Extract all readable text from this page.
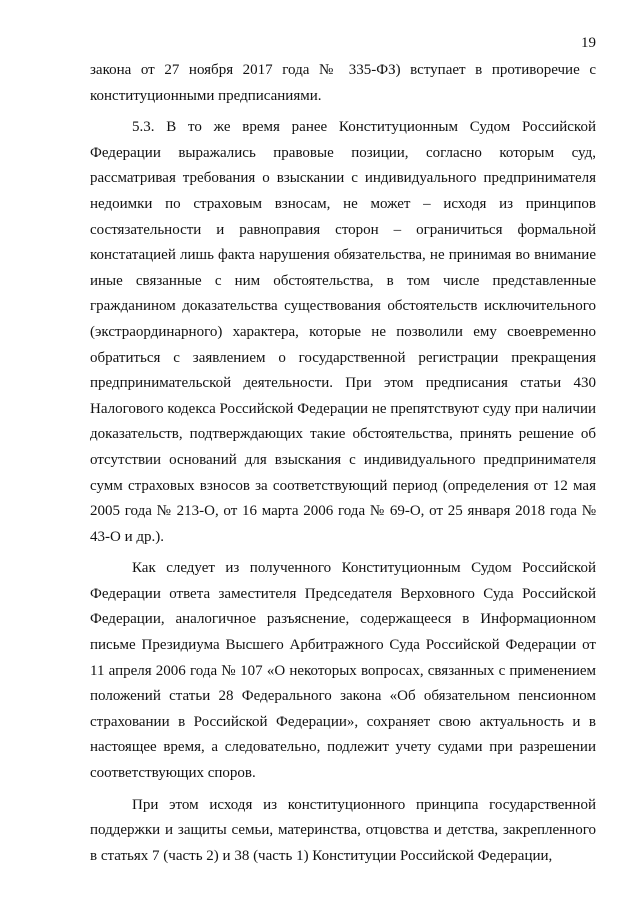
19

закона от 27 ноября 2017 года № 335-ФЗ) вступает в противоречие с конституционными предписаниями.

5.3. В то же время ранее Конституционным Судом Российской Федерации выражались правовые позиции, согласно которым суд, рассматривая требования о взыскании с индивидуального предпринимателя недоимки по страховым взносам, не может – исходя из принципов состязательности и равноправия сторон – ограничиться формальной констатацией лишь факта нарушения обязательства, не принимая во внимание иные связанные с ним обстоятельства, в том числе представленные гражданином доказательства существования обстоятельств исключительного (экстраординарного) характера, которые не позволили ему своевременно обратиться с заявлением о государственной регистрации прекращения предпринимательской деятельности. При этом предписания статьи 430 Налогового кодекса Российской Федерации не препятствуют суду при наличии доказательств, подтверждающих такие обстоятельства, принять решение об отсутствии оснований для взыскания с индивидуального предпринимателя сумм страховых взносов за соответствующий период (определения от 12 мая 2005 года № 213-О, от 16 марта 2006 года № 69-О, от 25 января 2018 года № 43-О и др.).

Как следует из полученного Конституционным Судом Российской Федерации ответа заместителя Председателя Верховного Суда Российской Федерации, аналогичное разъяснение, содержащееся в Информационном письме Президиума Высшего Арбитражного Суда Российской Федерации от 11 апреля 2006 года № 107 «О некоторых вопросах, связанных с применением положений статьи 28 Федерального закона «Об обязательном пенсионном страховании в Российской Федерации», сохраняет свою актуальность и в настоящее время, а следовательно, подлежит учету судами при разрешении соответствующих споров.

При этом исходя из конституционного принципа государственной поддержки и защиты семьи, материнства, отцовства и детства, закрепленного в статьях 7 (часть 2) и 38 (часть 1) Конституции Российской Федерации,
